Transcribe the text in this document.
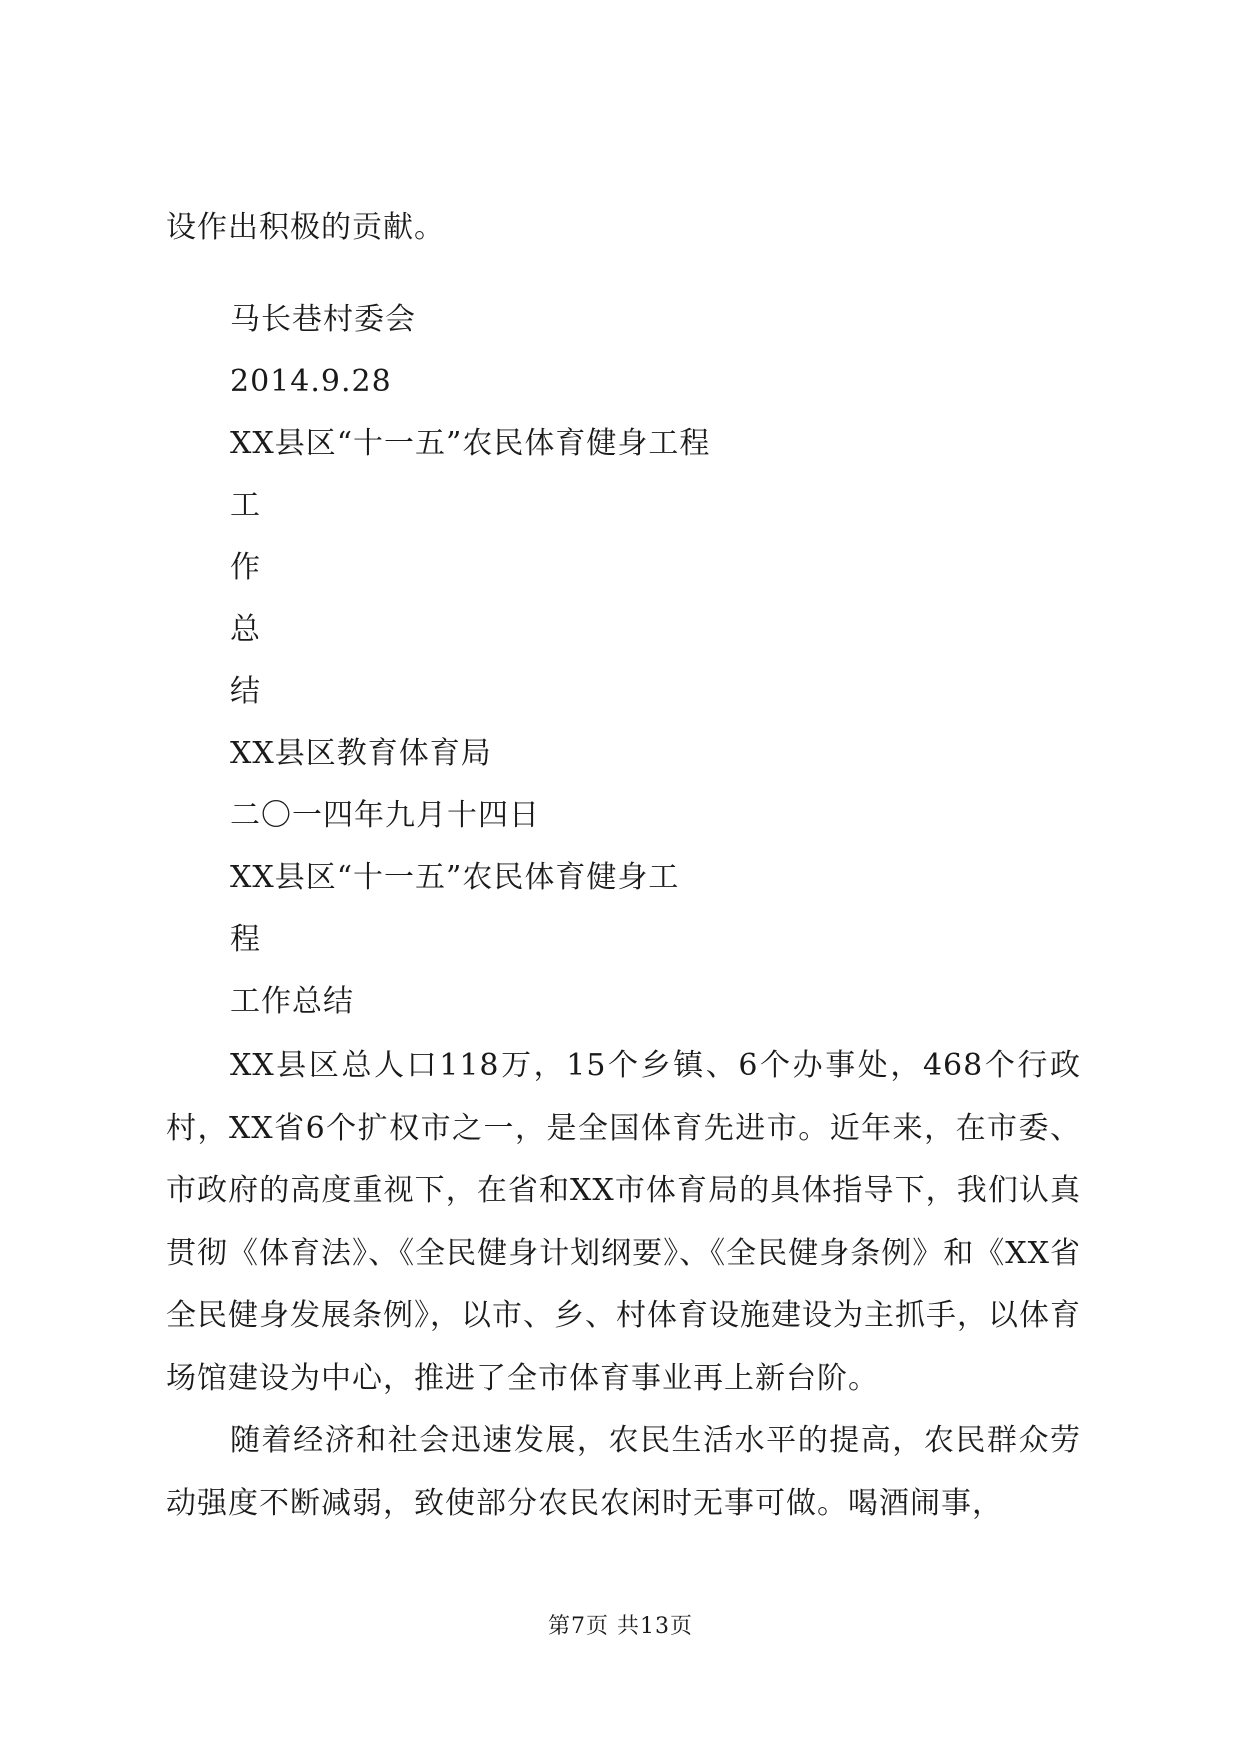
设作出积极的贡献。
马长巷村委会
2014.9.28
XX县区“十一五”农民体育健身工程
工
作
总
结
XX县区教育体育局
二〇一四年九月十四日
XX县区“十一五”农民体育健身工
程
工作总结
XX县区总人口118万，15个乡镇、6个办事处，468个行政村，XX省6个扩权市之一，是全国体育先进市。近年来，在市委、市政府的高度重视下，在省和XX市体育局的具体指导下，我们认真贯彻《体育法》、《全民健身计划纲要》、《全民健身条例》和《XX省全民健身发展条例》，以市、乡、村体育设施建设为主抓手，以体育场馆建设为中心，推进了全市体育事业再上新台阶。
随着经济和社会迅速发展，农民生活水平的提高，农民群众劳动强度不断减弱，致使部分农民农闲时无事可做。喝酒闹事，
第7页 共13页
